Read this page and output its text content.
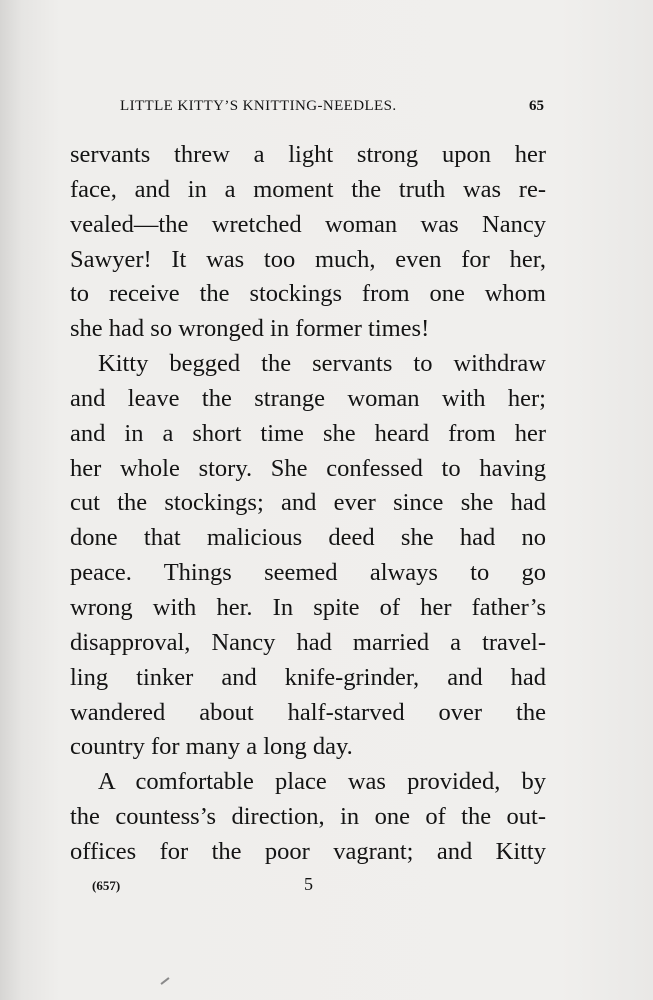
LITTLE KITTY’S KNITTING-NEEDLES.	65
servants threw a light strong upon her
face, and in a moment the truth was re-
vealed—the wretched woman was Nancy
Sawyer! It was too much, even for her,
to receive the stockings from one whom
she had so wronged in former times!
Kitty begged the servants to withdraw
and leave the strange woman with her;
and in a short time she heard from her
her whole story. She confessed to having
cut the stockings; and ever since she had
done that malicious deed she had no
peace. Things seemed always to go
wrong with her. In spite of her father’s
disapproval, Nancy had married a travel-
ling tinker and knife-grinder, and had
wandered about half-starved over the
country for many a long day.
A comfortable place was provided, by
the countess’s direction, in one of the out-
offices for the poor vagrant; and Kitty
(657)	5
